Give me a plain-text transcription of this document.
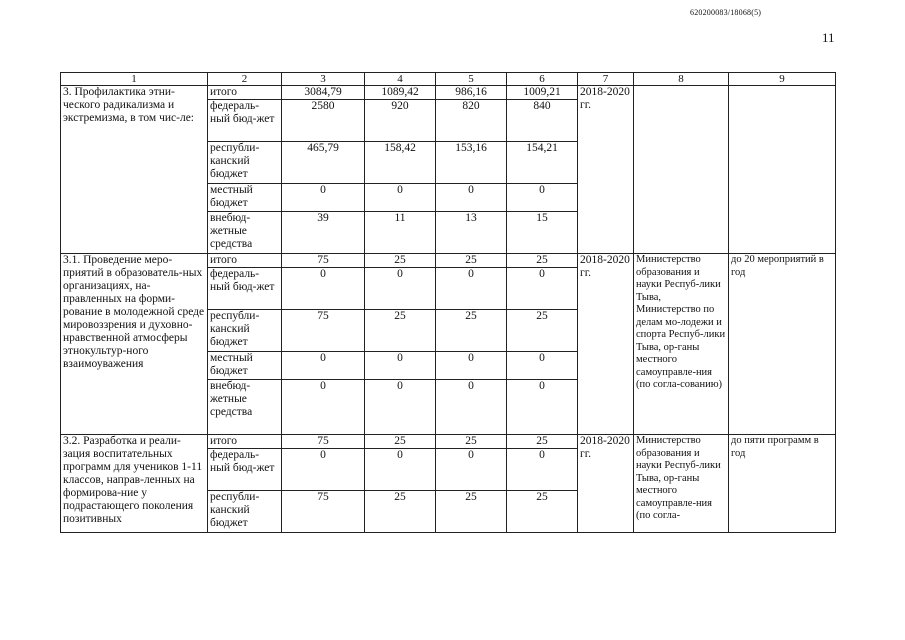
620200083/18068(5)
11
1	2	3	4	5	6	7	8	9
3. Профилактика этни-ческого радикализма и экстремизма, в том чис-ле:	итого	3084,79	1089,42	986,16	1009,21	2018-2020 гг.		
	федераль-ный бюд-жет	2580	920	820	840			
	республи-канский бюджет	465,79	158,42	153,16	154,21			
	местный бюджет	0	0	0	0			
	внебюд-жетные средства	39	11	13	15			
3.1. Проведение меро-приятий в образователь-ных организациях, на-правленных на форми-рование в молодежной среде мировоззрения и духовно-нравственной атмосферы этнокультур-ного взаимоуважения	итого	75	25	25	25	2018-2020 гг.	Министерство образования и науки Респуб-лики Тыва, Министерство по делам мо-лодежи и спорта Респуб-лики Тыва, ор-ганы местного самоуправле-ния (по согла-сованию)	до 20 мероприятий в год
	федераль-ный бюд-жет	0	0	0	0			
	республи-канский бюджет	75	25	25	25			
	местный бюджет	0	0	0	0			
	внебюд-жетные средства	0	0	0	0			
3.2. Разработка и реали-зация воспитательных программ для учеников 1-11 классов, направ-ленных на формирова-ние у подрастающего поколения позитивных	итого	75	25	25	25	2018-2020 гг.	Министерство образования и науки Респуб-лики Тыва, ор-ганы местного самоуправле-ния (по согла-	до пяти программ в год
	федераль-ный бюд-жет	0	0	0	0			
	республи-канский бюджет	75	25	25	25			
